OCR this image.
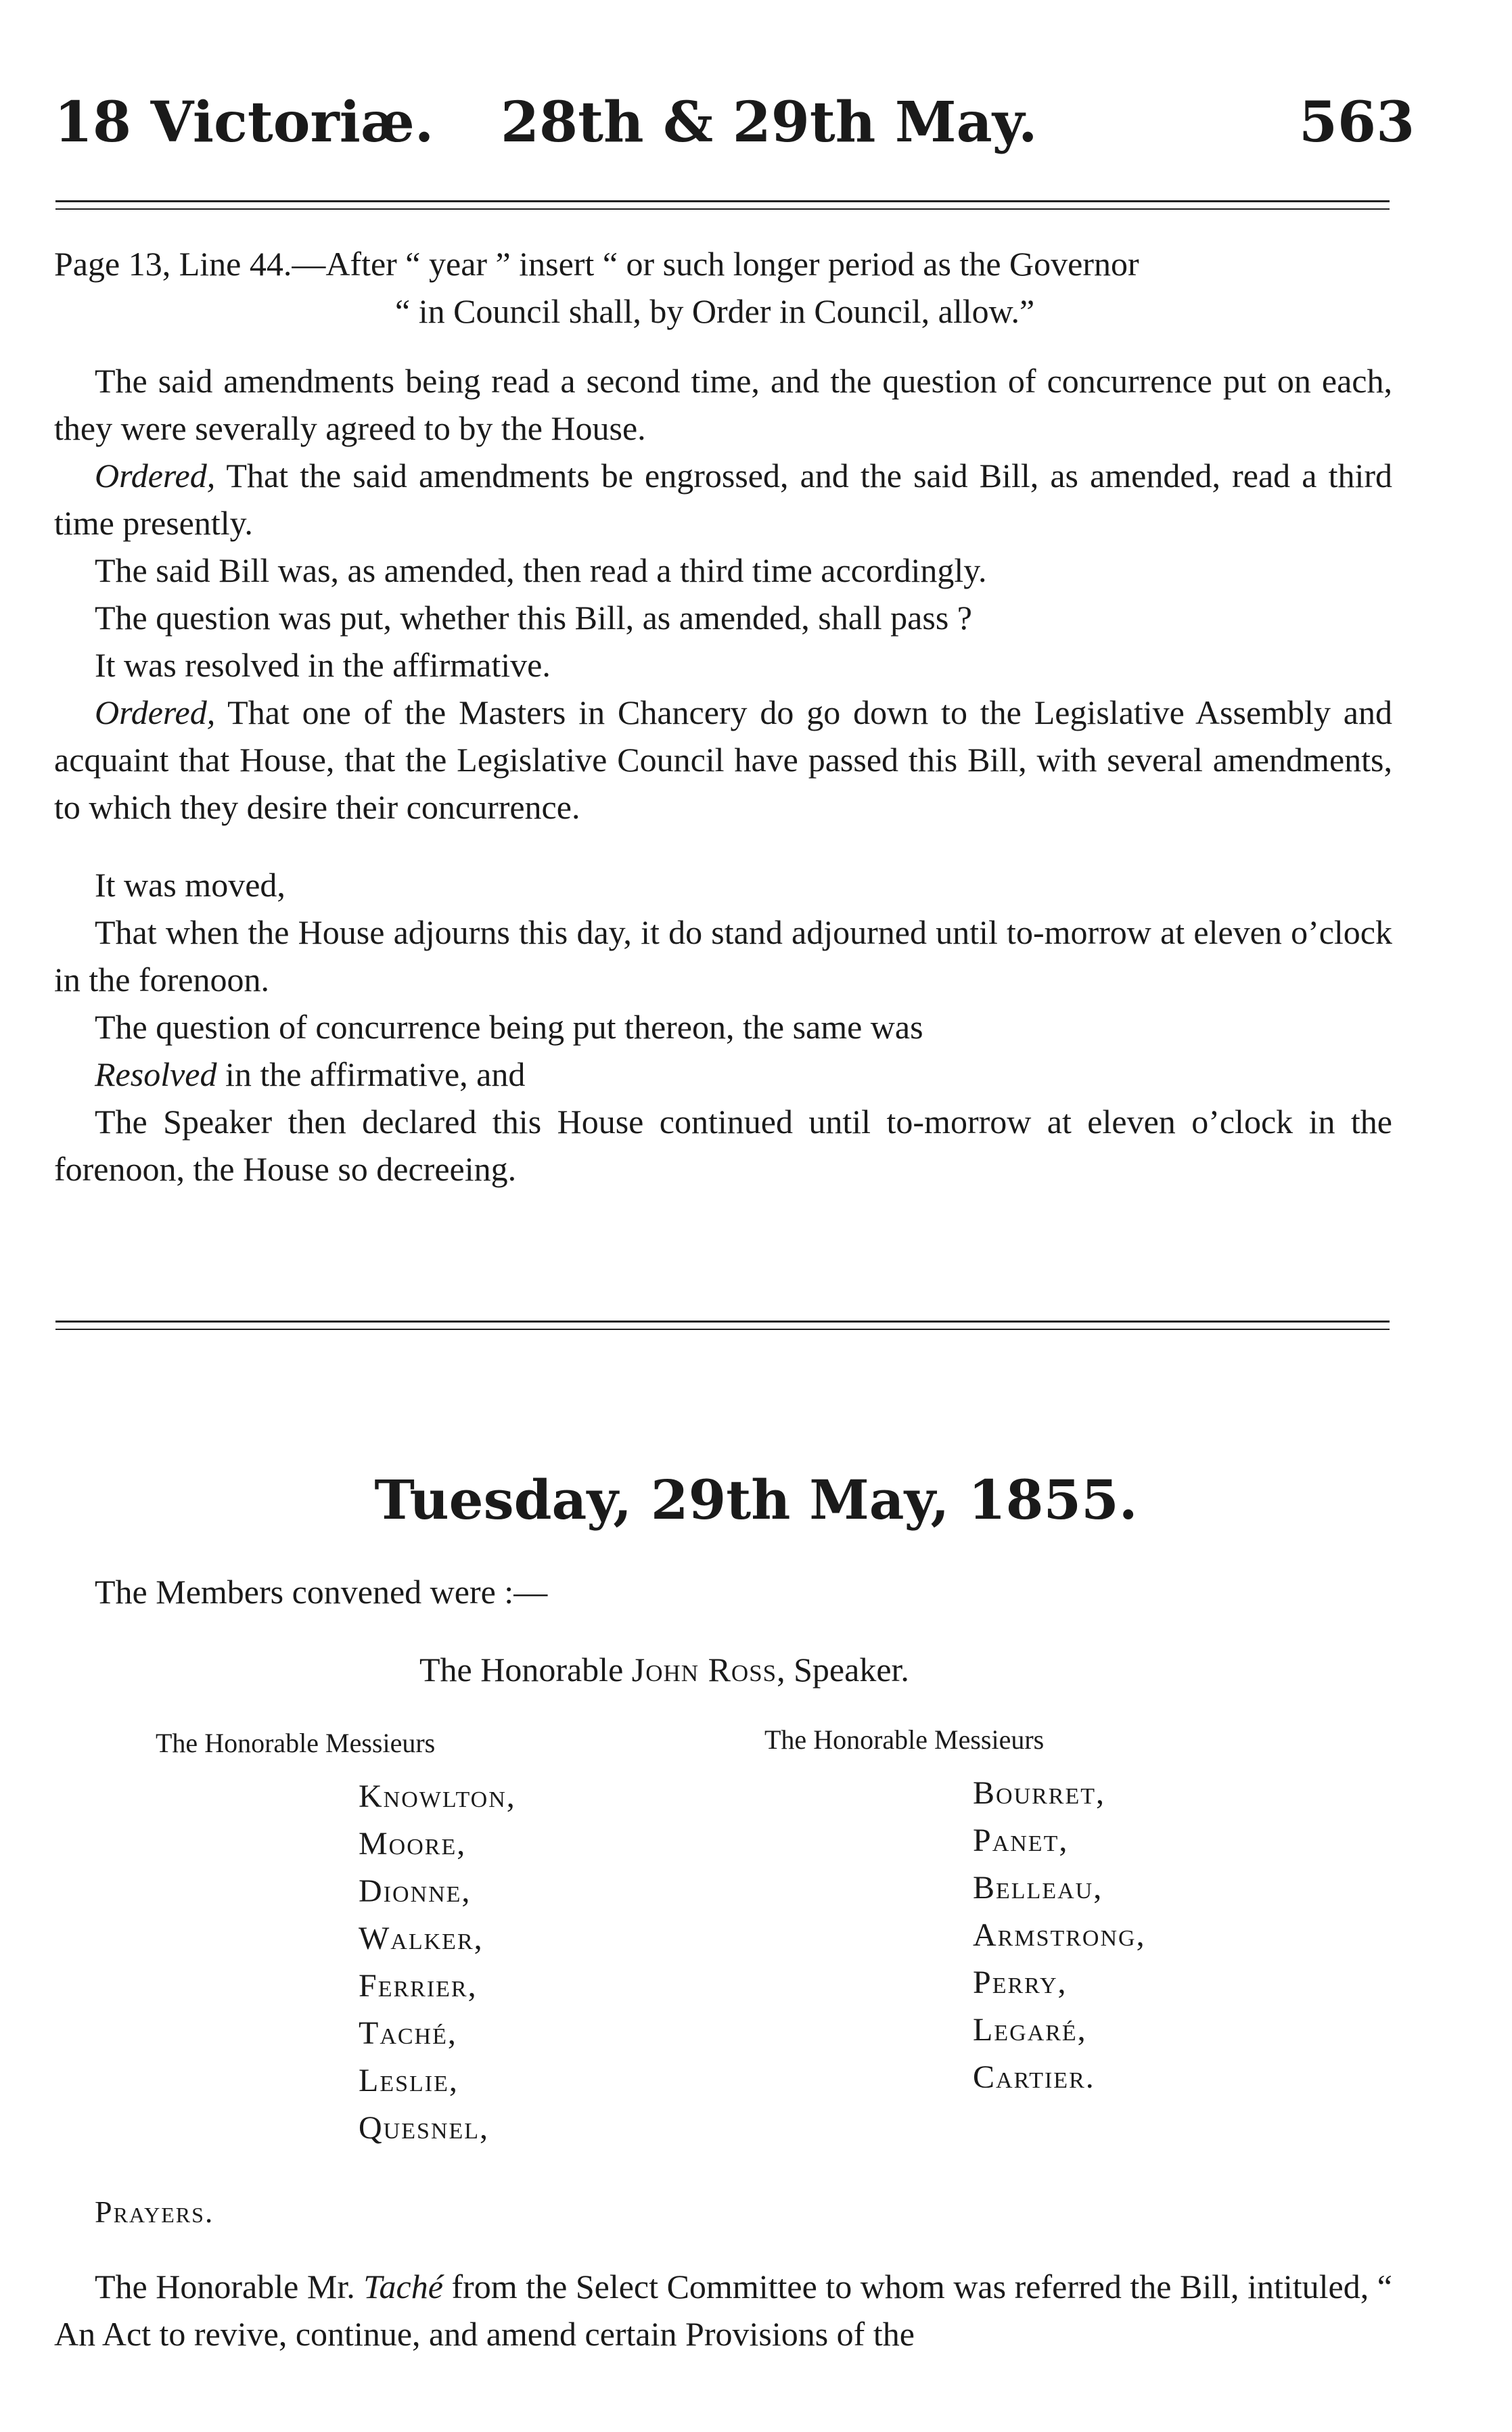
18 Victoriæ. 28th & 29th May.	563
Page 13, Line 44.—After “ year ” insert “ or such longer period as the Governor
“ in Council shall, by Order in Council, allow.”
The said amendments being read a second time, and the question of concurrence put on each, they were severally agreed to by the House.
Ordered, That the said amendments be engrossed, and the said Bill, as amended, read a third time presently.
The said Bill was, as amended, then read a third time accordingly.
The question was put, whether this Bill, as amended, shall pass ?
It was resolved in the affirmative.
Ordered, That one of the Masters in Chancery do go down to the Legislative Assembly and acquaint that House, that the Legislative Council have passed this Bill, with several amendments, to which they desire their concurrence.
It was moved,
That when the House adjourns this day, it do stand adjourned until to-morrow at eleven o’clock in the forenoon.
The question of concurrence being put thereon, the same was
Resolved in the affirmative, and
The Speaker then declared this House continued until to-morrow at eleven o’clock in the forenoon, the House so decreeing.
Tuesday, 29th May, 1855.
The Members convened were :—
The Honorable John Ross, Speaker.
The Honorable Messieurs	The Honorable Messieurs
Knowlton,
Moore,
Dionne,
Walker,
Ferrier,
Taché,
Leslie,
Quesnel,
Bourret,
Panet,
Belleau,
Armstrong,
Perry,
Legaré,
Cartier.
Prayers.
The Honorable Mr. Taché from the Select Committee to whom was referred the Bill, intituled, “ An Act to revive, continue, and amend certain Provisions of the
